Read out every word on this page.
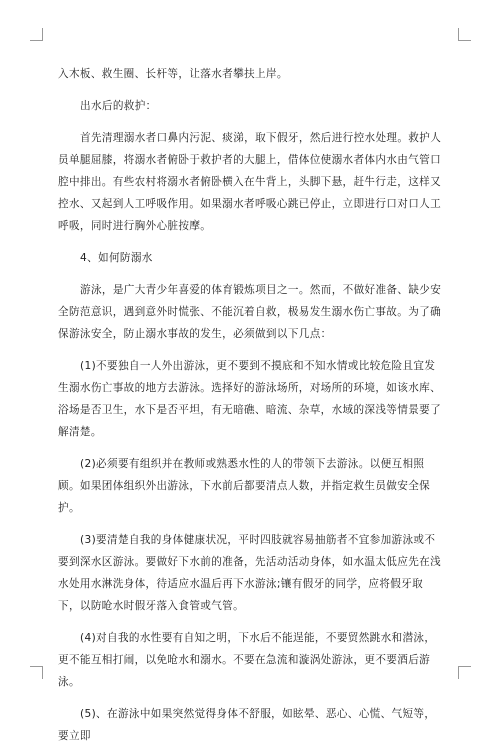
入木板、救生圈、长杆等，让落水者攀扶上岸。

出水后的救护：

首先清理溺水者口鼻内污泥、痰涕，取下假牙，然后进行控水处理。救护人员单腿屈膝，将溺水者俯卧于救护者的大腿上，借体位使溺水者体内水由气管口腔中排出。有些农村将溺水者俯卧横入在牛背上，头脚下悬，赶牛行走，这样又控水、又起到人工呼吸作用。如果溺水者呼吸心跳已停止，立即进行口对口人工呼吸，同时进行胸外心脏按摩。

4、如何防溺水

游泳，是广大青少年喜爱的体育锻炼项目之一。然而，不做好准备、缺少安全防范意识，遇到意外时慌张、不能沉着自救，极易发生溺水伤亡事故。为了确保游泳安全，防止溺水事故的发生，必须做到以下几点：

(1)不要独自一人外出游泳，更不要到不摸底和不知水情或比较危险且宜发生溺水伤亡事故的地方去游泳。选择好的游泳场所，对场所的环境，如该水库、浴场是否卫生，水下是否平坦，有无暗礁、暗流、杂草，水域的深浅等情景要了解清楚。

(2)必须要有组织并在教师或熟悉水性的人的带领下去游泳。以便互相照顾。如果团体组织外出游泳，下水前后都要清点人数，并指定救生员做安全保护。

(3)要清楚自我的身体健康状况，平时四肢就容易抽筋者不宜参加游泳或不要到深水区游泳。要做好下水前的准备，先活动活动身体，如水温太低应先在浅水处用水淋洗身体，待适应水温后再下水游泳;镶有假牙的同学，应将假牙取下，以防呛水时假牙落入食管或气管。

(4)对自我的水性要有自知之明，下水后不能逞能，不要贸然跳水和潜泳，更不能互相打闹，以免呛水和溺水。不要在急流和漩涡处游泳，更不要酒后游泳。

(5)、在游泳中如果突然觉得身体不舒服，如眩晕、恶心、心慌、气短等，要立即
